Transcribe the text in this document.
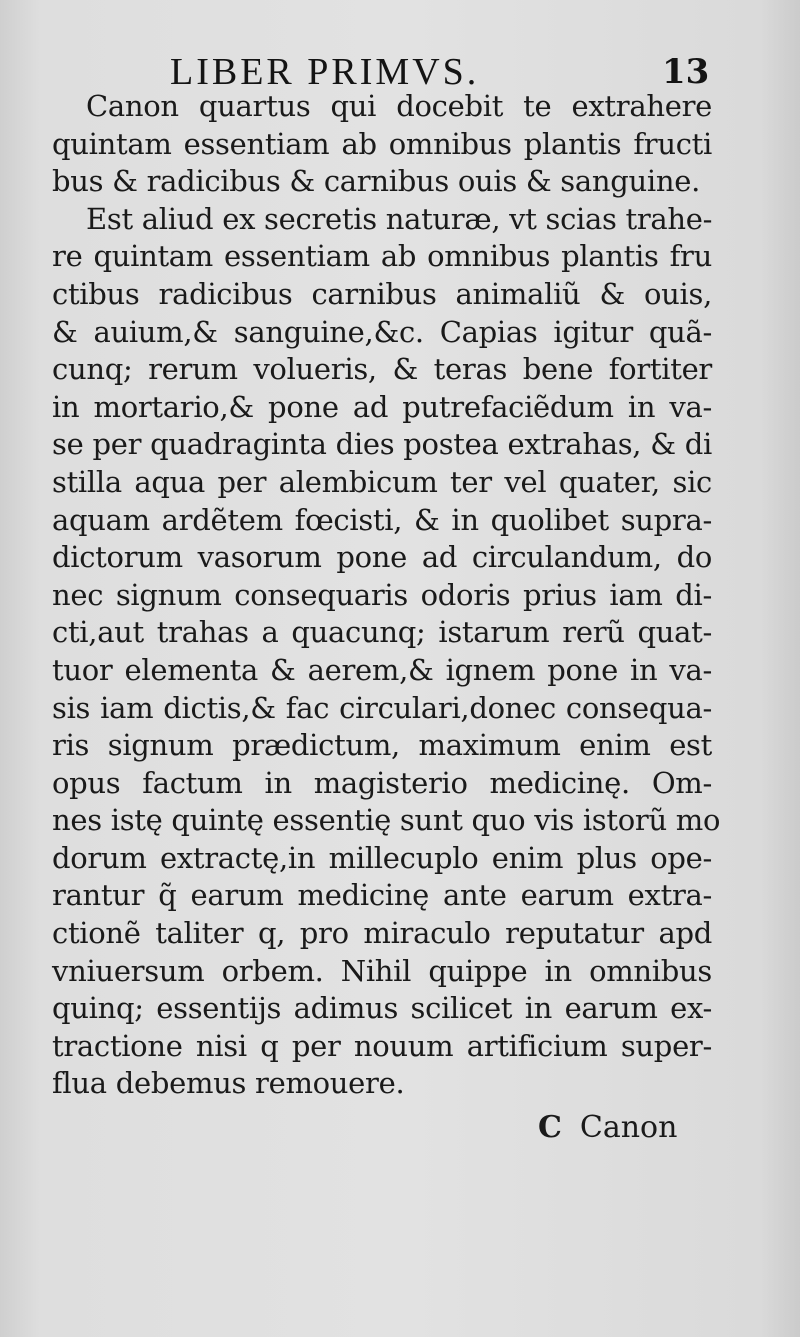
LIBER PRIMVS.	13
Canon quartus qui docebit te extrahere
quintam essentiam ab omnibus plantis fructi
bus & radicibus & carnibus ouis & sanguine.
Est aliud ex secretis naturæ, vt scias trahe-
re quintam essentiam ab omnibus plantis fru
ctibus radicibus carnibus animaliũ & ouis,
& auium,& sanguine,&c. Capias igitur quã-
cunq; rerum volueris, & teras bene fortiter
in mortario,& pone ad putrefaciẽdum in va-
se per quadraginta dies postea extrahas, & di
stilla aqua per alembicum ter vel quater, sic
aquam ardẽtem fœcisti, & in quolibet supra-
dictorum vasorum pone ad circulandum, do
nec signum consequaris odoris prius iam di-
cti,aut trahas a quacunq; istarum rerũ quat-
tuor elementa & aerem,& ignem pone in va-
sis iam dictis,& fac circulari,donec consequa-
ris signum prædictum, maximum enim est
opus factum in magisterio medicinę. Om-
nes istę quintę essentię sunt quo vis istorũ mo
dorum extractę,in millecuplo enim plus ope-
rantur q̃ earum medicinę ante earum extra-
ctionẽ taliter q, pro miraculo reputatur apd
vniuersum orbem. Nihil quippe in omnibus
quinq; essentijs adimus scilicet in earum ex-
tractione nisi q per nouum artificium super-
flua debemus remouere.
C Canon
